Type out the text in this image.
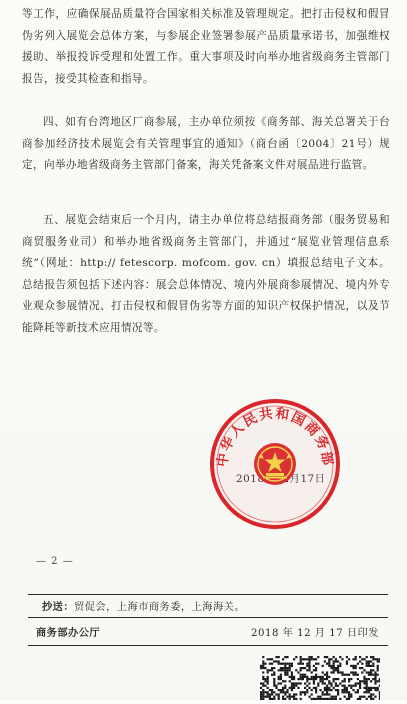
等工作，应确保展品质量符合国家相关标准及管理规定。把打击侵权和假冒伪劣列入展览会总体方案，与参展企业签署参展产品质量承诺书，加强维权援助、举报投诉受理和处置工作。重大事项及时向举办地省级商务主管部门报告，接受其检查和指导。

四、如有台湾地区厂商参展，主办单位须按《商务部、海关总署关于台商参加经济技术展览会有关管理事宜的通知》（商台函〔2004〕21号）规定，向举办地省级商务主管部门备案，海关凭备案文件对展品进行监管。

五、展览会结束后一个月内，请主办单位将总结报商务部（服务贸易和商贸服务业司）和举办地省级商务主管部门，并通过“展览业管理信息系统”（网址：http:// fetescorp. mofcom. gov. cn）填报总结电子文本。总结报告须包括下述内容：展会总体情况、境内外展商参展情况、境内外专业观众参展情况、打击侵权和假冒伪劣等方面的知识产权保护情况，以及节能降耗等新技术应用情况等。

中华人民共和国商务部
— 2 —
抄送：贸促会，上海市商务委，上海海关。
商务部办公厅	2018 年 12 月 17 日印发
